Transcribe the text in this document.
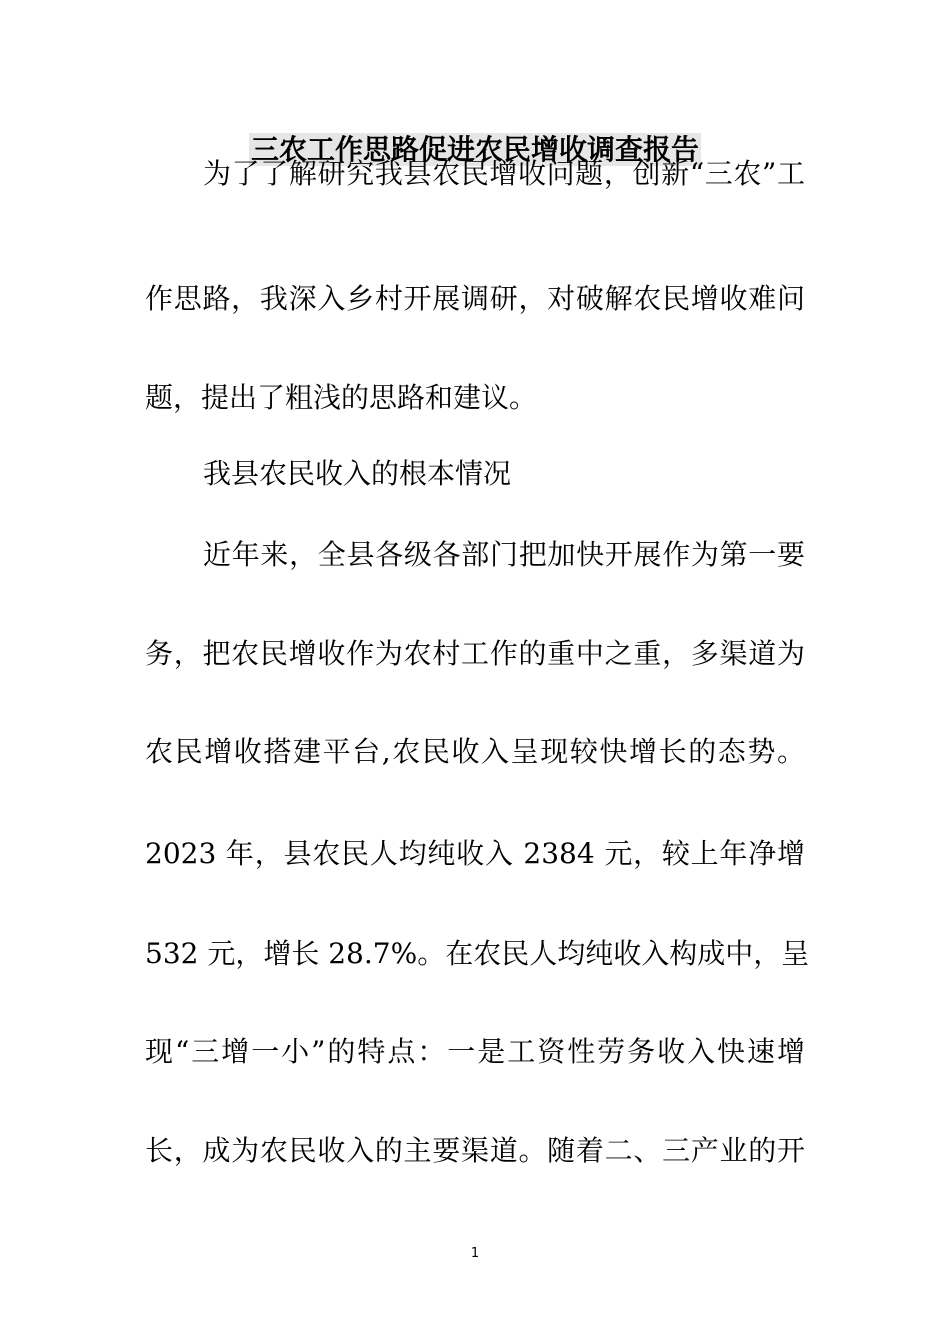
三农工作思路促进农民增收调查报告
为了了解研究我县农民增收问题，创新“三农”工
作思路，我深入乡村开展调研，对破解农民增收难问
题，提出了粗浅的思路和建议。
我县农民收入的根本情况
近年来，全县各级各部门把加快开展作为第一要
务，把农民增收作为农村工作的重中之重，多渠道为
农民增收搭建平台,农民收入呈现较快增长的态势。
2023 年，县农民人均纯收入 2384 元，较上年净增
532 元，增长 28.7%。在农民人均纯收入构成中，呈
现“三增一小”的特点：一是工资性劳务收入快速增
长，成为农民收入的主要渠道。随着二、三产业的开
1
